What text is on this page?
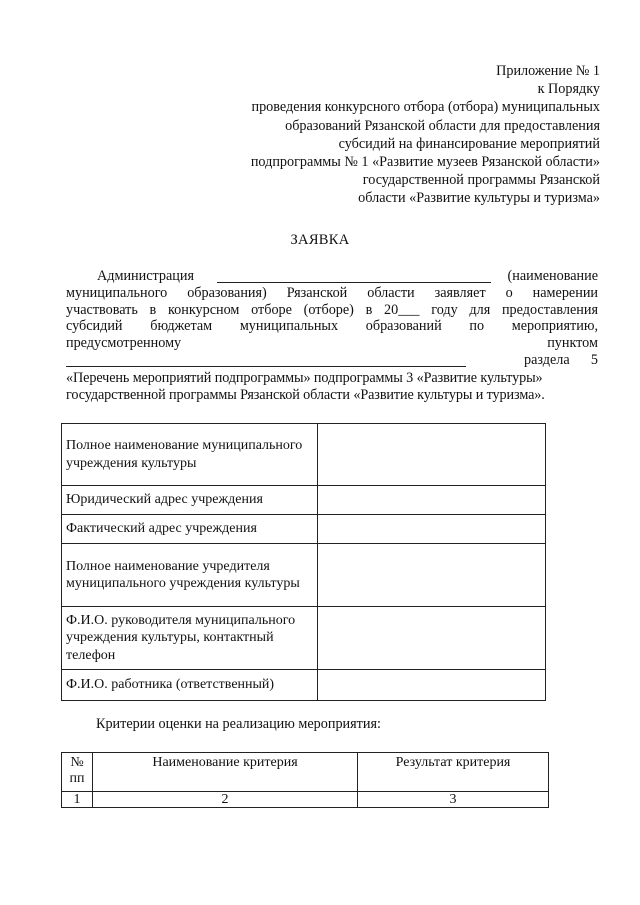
Приложение № 1
к Порядку
проведения конкурсного отбора (отбора) муниципальных
образований Рязанской области для предоставления
субсидий на финансирование мероприятий
подпрограммы № 1 «Развитие музеев Рязанской области»
государственной программы Рязанской
области «Развитие культуры и туризма»
ЗАЯВКА
Администрация	(наименование
муниципального образования) Рязанской области заявляет о намерении
участвовать в конкурсном отборе (отборе) в 20___ году для предоставления
субсидий бюджетам муниципальных образований по мероприятию,
предусмотренному	пунктом
раздела      5
«Перечень мероприятий подпрограммы» подпрограммы 3 «Развитие культуры»
государственной программы Рязанской области «Развитие культуры и туризма».
Полное наименование муниципального учреждения культуры	
Юридический адрес учреждения	
Фактический адрес учреждения	
Полное наименование учредителя муниципального учреждения культуры	
Ф.И.О. руководителя муниципального учреждения культуры, контактный телефон	
Ф.И.О. работника (ответственный)	
Критерии оценки на реализацию мероприятия:
№ пп	Наименование критерия	Результат критерия
1	2	3
